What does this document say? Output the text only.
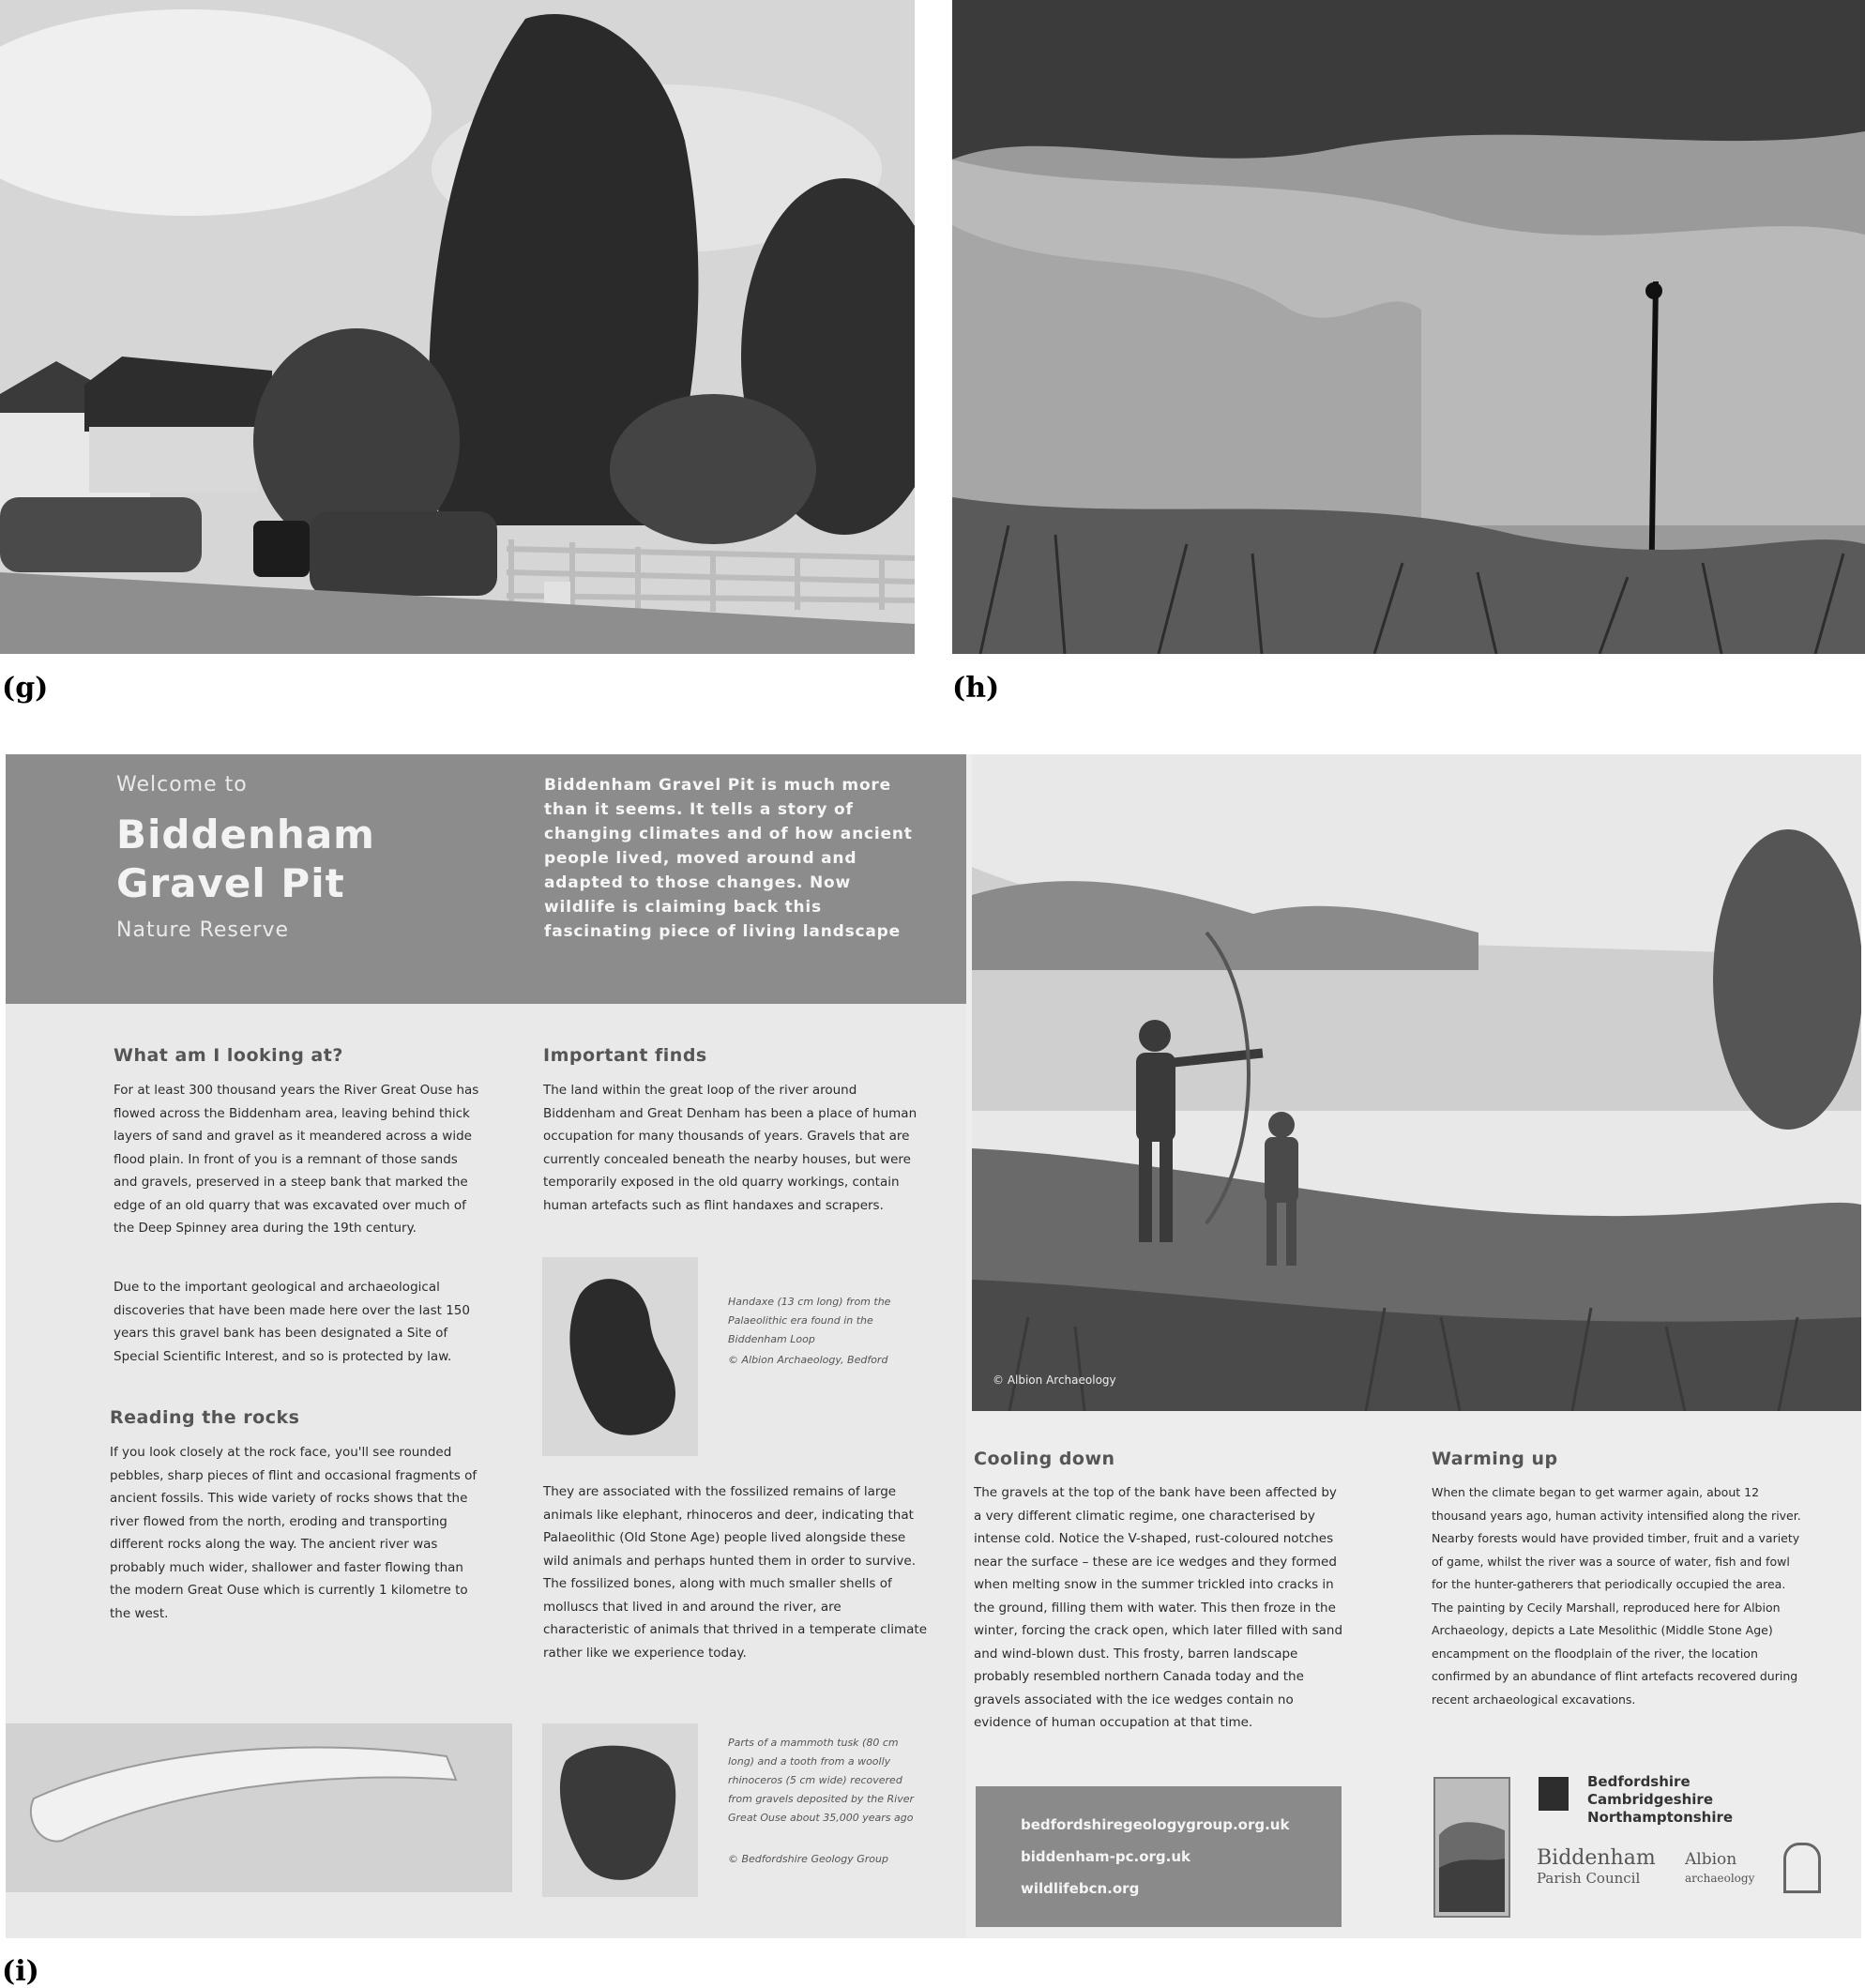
(g)	(h)
Welcome to
Biddenham
Gravel Pit
Nature Reserve
Biddenham Gravel Pit is much more than it seems. It tells a story of changing climates and of how ancient people lived, moved around and adapted to those changes. Now wildlife is claiming back this fascinating piece of living landscape
What am I looking at?
For at least 300 thousand years the River Great Ouse has flowed across the Biddenham area, leaving behind thick layers of sand and gravel as it meandered across a wide flood plain. In front of you is a remnant of those sands and gravels, preserved in a steep bank that marked the edge of an old quarry that was excavated over much of the Deep Spinney area during the 19th century.
Due to the important geological and archaeological discoveries that have been made here over the last 150 years this gravel bank has been designated a Site of Special Scientific Interest, and so is protected by law.
Reading the rocks
If you look closely at the rock face, you'll see rounded pebbles, sharp pieces of flint and occasional fragments of ancient fossils. This wide variety of rocks shows that the river flowed from the north, eroding and transporting different rocks along the way. The ancient river was probably much wider, shallower and faster flowing than the modern Great Ouse which is currently 1 kilometre to the west.
Important finds
The land within the great loop of the river around Biddenham and Great Denham has been a place of human occupation for many thousands of years. Gravels that are currently concealed beneath the nearby houses, but were temporarily exposed in the old quarry workings, contain human artefacts such as flint handaxes and scrapers.
Handaxe (13 cm long) from the Palaeolithic era found in the Biddenham Loop
© Albion Archaeology, Bedford
They are associated with the fossilized remains of large animals like elephant, rhinoceros and deer, indicating that Palaeolithic (Old Stone Age) people lived alongside these wild animals and perhaps hunted them in order to survive. The fossilized bones, along with much smaller shells of molluscs that lived in and around the river, are characteristic of animals that thrived in a temperate climate rather like we experience today.
Parts of a mammoth tusk (80 cm long) and a tooth from a woolly rhinoceros (5 cm wide) recovered from gravels deposited by the River Great Ouse about 35,000 years ago
© Bedfordshire Geology Group
© Albion Archaeology
Cooling down
The gravels at the top of the bank have been affected by a very different climatic regime, one characterised by intense cold. Notice the V-shaped, rust-coloured notches near the surface – these are ice wedges and they formed when melting snow in the summer trickled into cracks in the ground, filling them with water. This then froze in the winter, forcing the crack open, which later filled with sand and wind-blown dust. This frosty, barren landscape probably resembled northern Canada today and the gravels associated with the ice wedges contain no evidence of human occupation at that time.
bedfordshiregeologygroup.org.uk
biddenham-pc.org.uk
wildlifebcn.org
Warming up
When the climate began to get warmer again, about 12 thousand years ago, human activity intensified along the river. Nearby forests would have provided timber, fruit and a variety of game, whilst the river was a source of water, fish and fowl for the hunter-gatherers that periodically occupied the area. The painting by Cecily Marshall, reproduced here for Albion Archaeology, depicts a Late Mesolithic (Middle Stone Age) encampment on the floodplain of the river, the location confirmed by an abundance of flint artefacts recovered during recent archaeological excavations.
Bedfordshire
Cambridgeshire
Northamptonshire
Biddenham
Parish Council
Albion
archaeology
(i)
